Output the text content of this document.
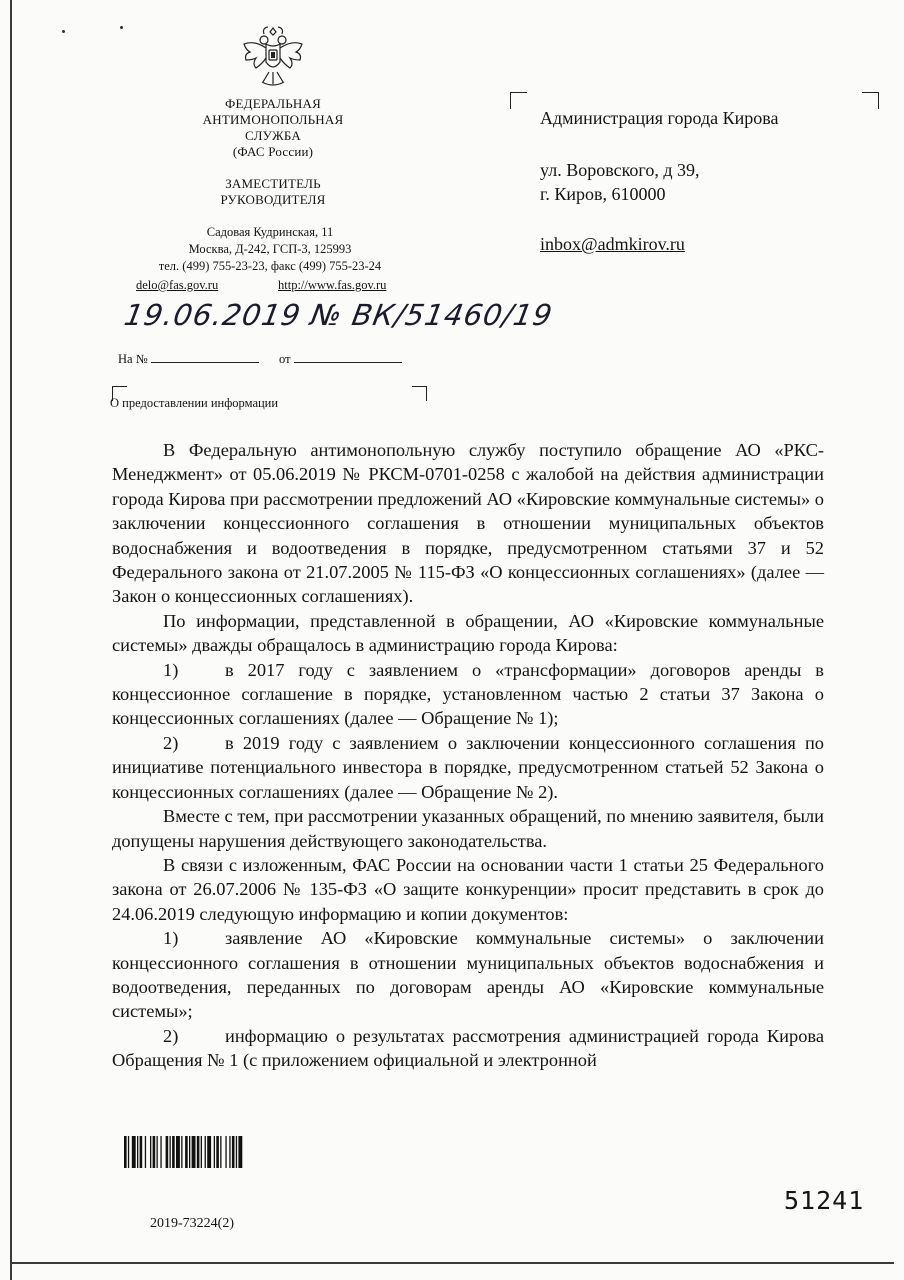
ФЕДЕРАЛЬНАЯ
АНТИМОНОПОЛЬНАЯ
СЛУЖБА
(ФАС России)
ЗАМЕСТИТЕЛЬ
РУКОВОДИТЕЛЯ
Садовая Кудринская, 11
Москва, Д-242, ГСП-3, 125993
тел. (499) 755-23-23, факс (499) 755-23-24
delo@fas.gov.ru	http://www.fas.gov.ru
19.06.2019 № ВК/51460/19
На №	от
О предоставлении информации
Администрация города Кирова
ул. Воровского, д 39,
г. Киров, 610000
inbox@admkirov.ru

В Федеральную антимонопольную службу поступило обращение АО «РКС-Менеджмент» от 05.06.2019 № РКСМ-0701-0258 с жалобой на действия администрации города Кирова при рассмотрении предложений АО «Кировские коммунальные системы» о заключении концессионного соглашения в отношении муниципальных объектов водоснабжения и водоотведения в порядке, предусмотренном статьями 37 и 52 Федерального закона от 21.07.2005 № 115-ФЗ «О концессионных соглашениях» (далее — Закон о концессионных соглашениях).

По информации, представленной в обращении, АО «Кировские коммунальные системы» дважды обращалось в администрацию города Кирова:

1)	в 2017 году с заявлением о «трансформации» договоров аренды в концессионное соглашение в порядке, установленном частью 2 статьи 37 Закона о концессионных соглашениях (далее — Обращение № 1);

2)	в 2019 году с заявлением о заключении концессионного соглашения по инициативе потенциального инвестора в порядке, предусмотренном статьей 52 Закона о концессионных соглашениях (далее — Обращение № 2).

Вместе с тем, при рассмотрении указанных обращений, по мнению заявителя, были допущены нарушения действующего законодательства.

В связи с изложенным, ФАС России на основании части 1 статьи 25 Федерального закона от 26.07.2006 № 135-ФЗ «О защите конкуренции» просит представить в срок до 24.06.2019 следующую информацию и копии документов:

1)	заявление АО «Кировские коммунальные системы» о заключении концессионного соглашения в отношении муниципальных объектов водоснабжения и водоотведения, переданных по договорам аренды АО «Кировские коммунальные системы»;

2)	информацию о результатах рассмотрения администрацией города Кирова Обращения № 1 (с приложением официальной и электронной

51241
2019-73224(2)
